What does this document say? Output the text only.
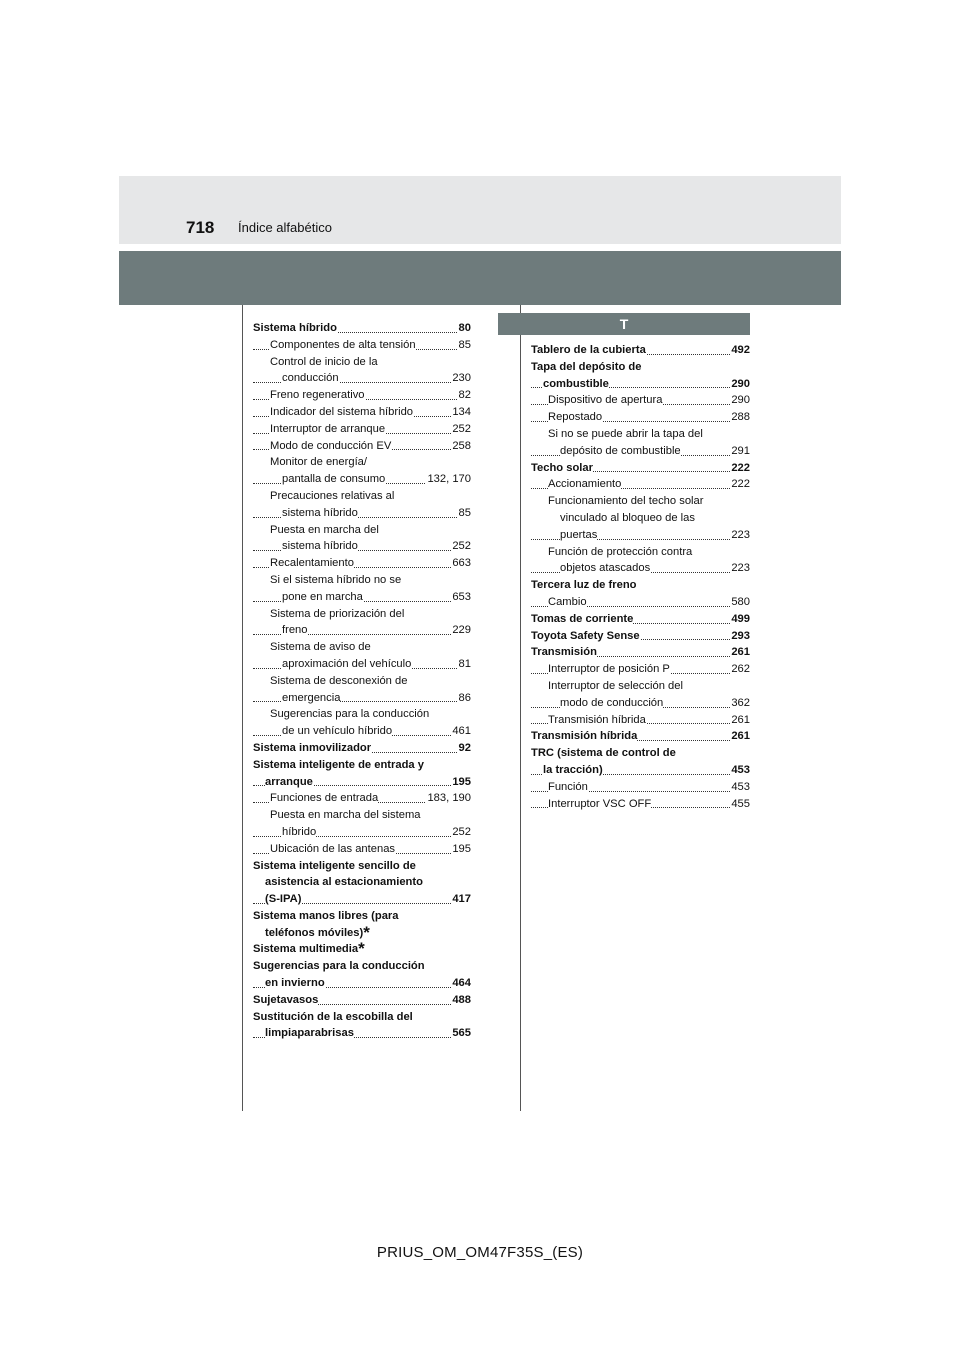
718 Índice alfabético
T
Sistema híbrido	80
Componentes de alta tensión	85
Control de inicio de la
conducción	230
Freno regenerativo	82
Indicador del sistema híbrido	134
Interruptor de arranque	252
Modo de conducción EV	258
Monitor de energía/
pantalla de consumo	132, 170
Precauciones relativas al
sistema híbrido	85
Puesta en marcha del
sistema híbrido	252
Recalentamiento	663
Si el sistema híbrido no se
pone en marcha	653
Sistema de priorización del
freno	229
Sistema de aviso de
aproximación del vehículo	81
Sistema de desconexión de
emergencia	86
Sugerencias para la conducción
de un vehículo híbrido	461
Sistema inmovilizador	92
Sistema inteligente de entrada y
arranque	195
Funciones de entrada	183, 190
Puesta en marcha del sistema
híbrido	252
Ubicación de las antenas	195
Sistema inteligente sencillo de
asistencia al estacionamiento
(S-IPA)	417
Sistema manos libres (para
teléfonos móviles)*
Sistema multimedia*
Sugerencias para la conducción
en invierno	464
Sujetavasos	488
Sustitución de la escobilla del
limpiaparabrisas	565
Tablero de la cubierta	492
Tapa del depósito de
combustible	290
Dispositivo de apertura	290
Repostado	288
Si no se puede abrir la tapa del
depósito de combustible	291
Techo solar	222
Accionamiento	222
Funcionamiento del techo solar
vinculado al bloqueo de las
puertas	223
Función de protección contra
objetos atascados	223
Tercera luz de freno
Cambio	580
Tomas de corriente	499
Toyota Safety Sense	293
Transmisión	261
Interruptor de posición P	262
Interruptor de selección del
modo de conducción	362
Transmisión híbrida	261
Transmisión híbrida	261
TRC (sistema de control de
la tracción)	453
Función	453
Interruptor VSC OFF	455
PRIUS_OM_OM47F35S_(ES)
